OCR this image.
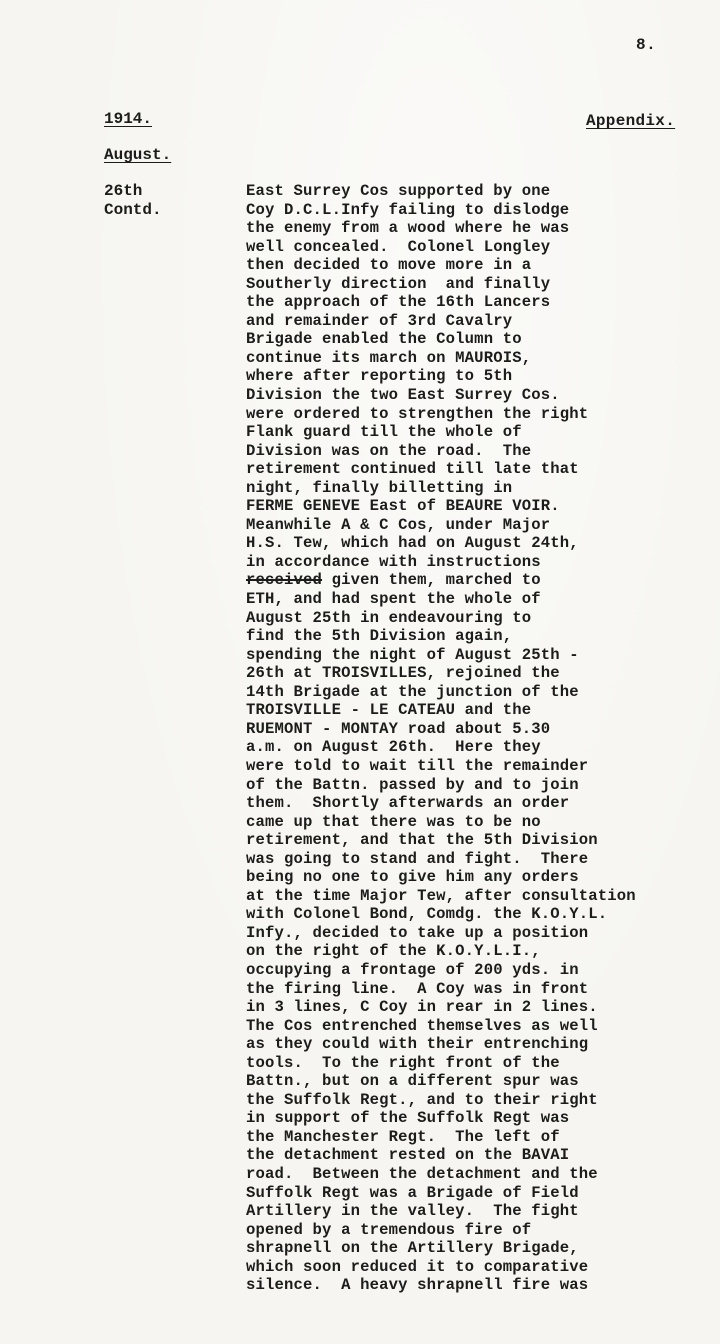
8.
1914.	Appendix.
August.
26th
Contd.
East Surrey Cos supported by one
Coy D.C.L.Infy failing to dislodge
the enemy from a wood where he was
well concealed.  Colonel Longley
then decided to move more in a
Southerly direction  and finally
the approach of the 16th Lancers
and remainder of 3rd Cavalry
Brigade enabled the Column to
continue its march on MAUROIS,
where after reporting to 5th
Division the two East Surrey Cos.
were ordered to strengthen the right
Flank guard till the whole of
Division was on the road.  The
retirement continued till late that
night, finally billetting in
FERME GENEVE East of BEAURE VOIR.
Meanwhile A & C Cos, under Major
H.S. Tew, which had on August 24th,
in accordance with instructions
received given them, marched to
ETH, and had spent the whole of
August 25th in endeavouring to
find the 5th Division again,
spending the night of August 25th -
26th at TROISVILLES, rejoined the
14th Brigade at the junction of the
TROISVILLE - LE CATEAU and the
RUEMONT - MONTAY road about 5.30
a.m. on August 26th.  Here they
were told to wait till the remainder
of the Battn. passed by and to join
them.  Shortly afterwards an order
came up that there was to be no
retirement, and that the 5th Division
was going to stand and fight.  There
being no one to give him any orders
at the time Major Tew, after consultation
with Colonel Bond, Comdg. the K.O.Y.L.
Infy., decided to take up a position
on the right of the K.O.Y.L.I.,
occupying a frontage of 200 yds. in
the firing line.  A Coy was in front
in 3 lines, C Coy in rear in 2 lines.
The Cos entrenched themselves as well
as they could with their entrenching
tools.  To the right front of the
Battn., but on a different spur was
the Suffolk Regt., and to their right
in support of the Suffolk Regt was
the Manchester Regt.  The left of
the detachment rested on the BAVAI
road.  Between the detachment and the
Suffolk Regt was a Brigade of Field
Artillery in the valley.  The fight
opened by a tremendous fire of
shrapnell on the Artillery Brigade,
which soon reduced it to comparative
silence.  A heavy shrapnell fire was
